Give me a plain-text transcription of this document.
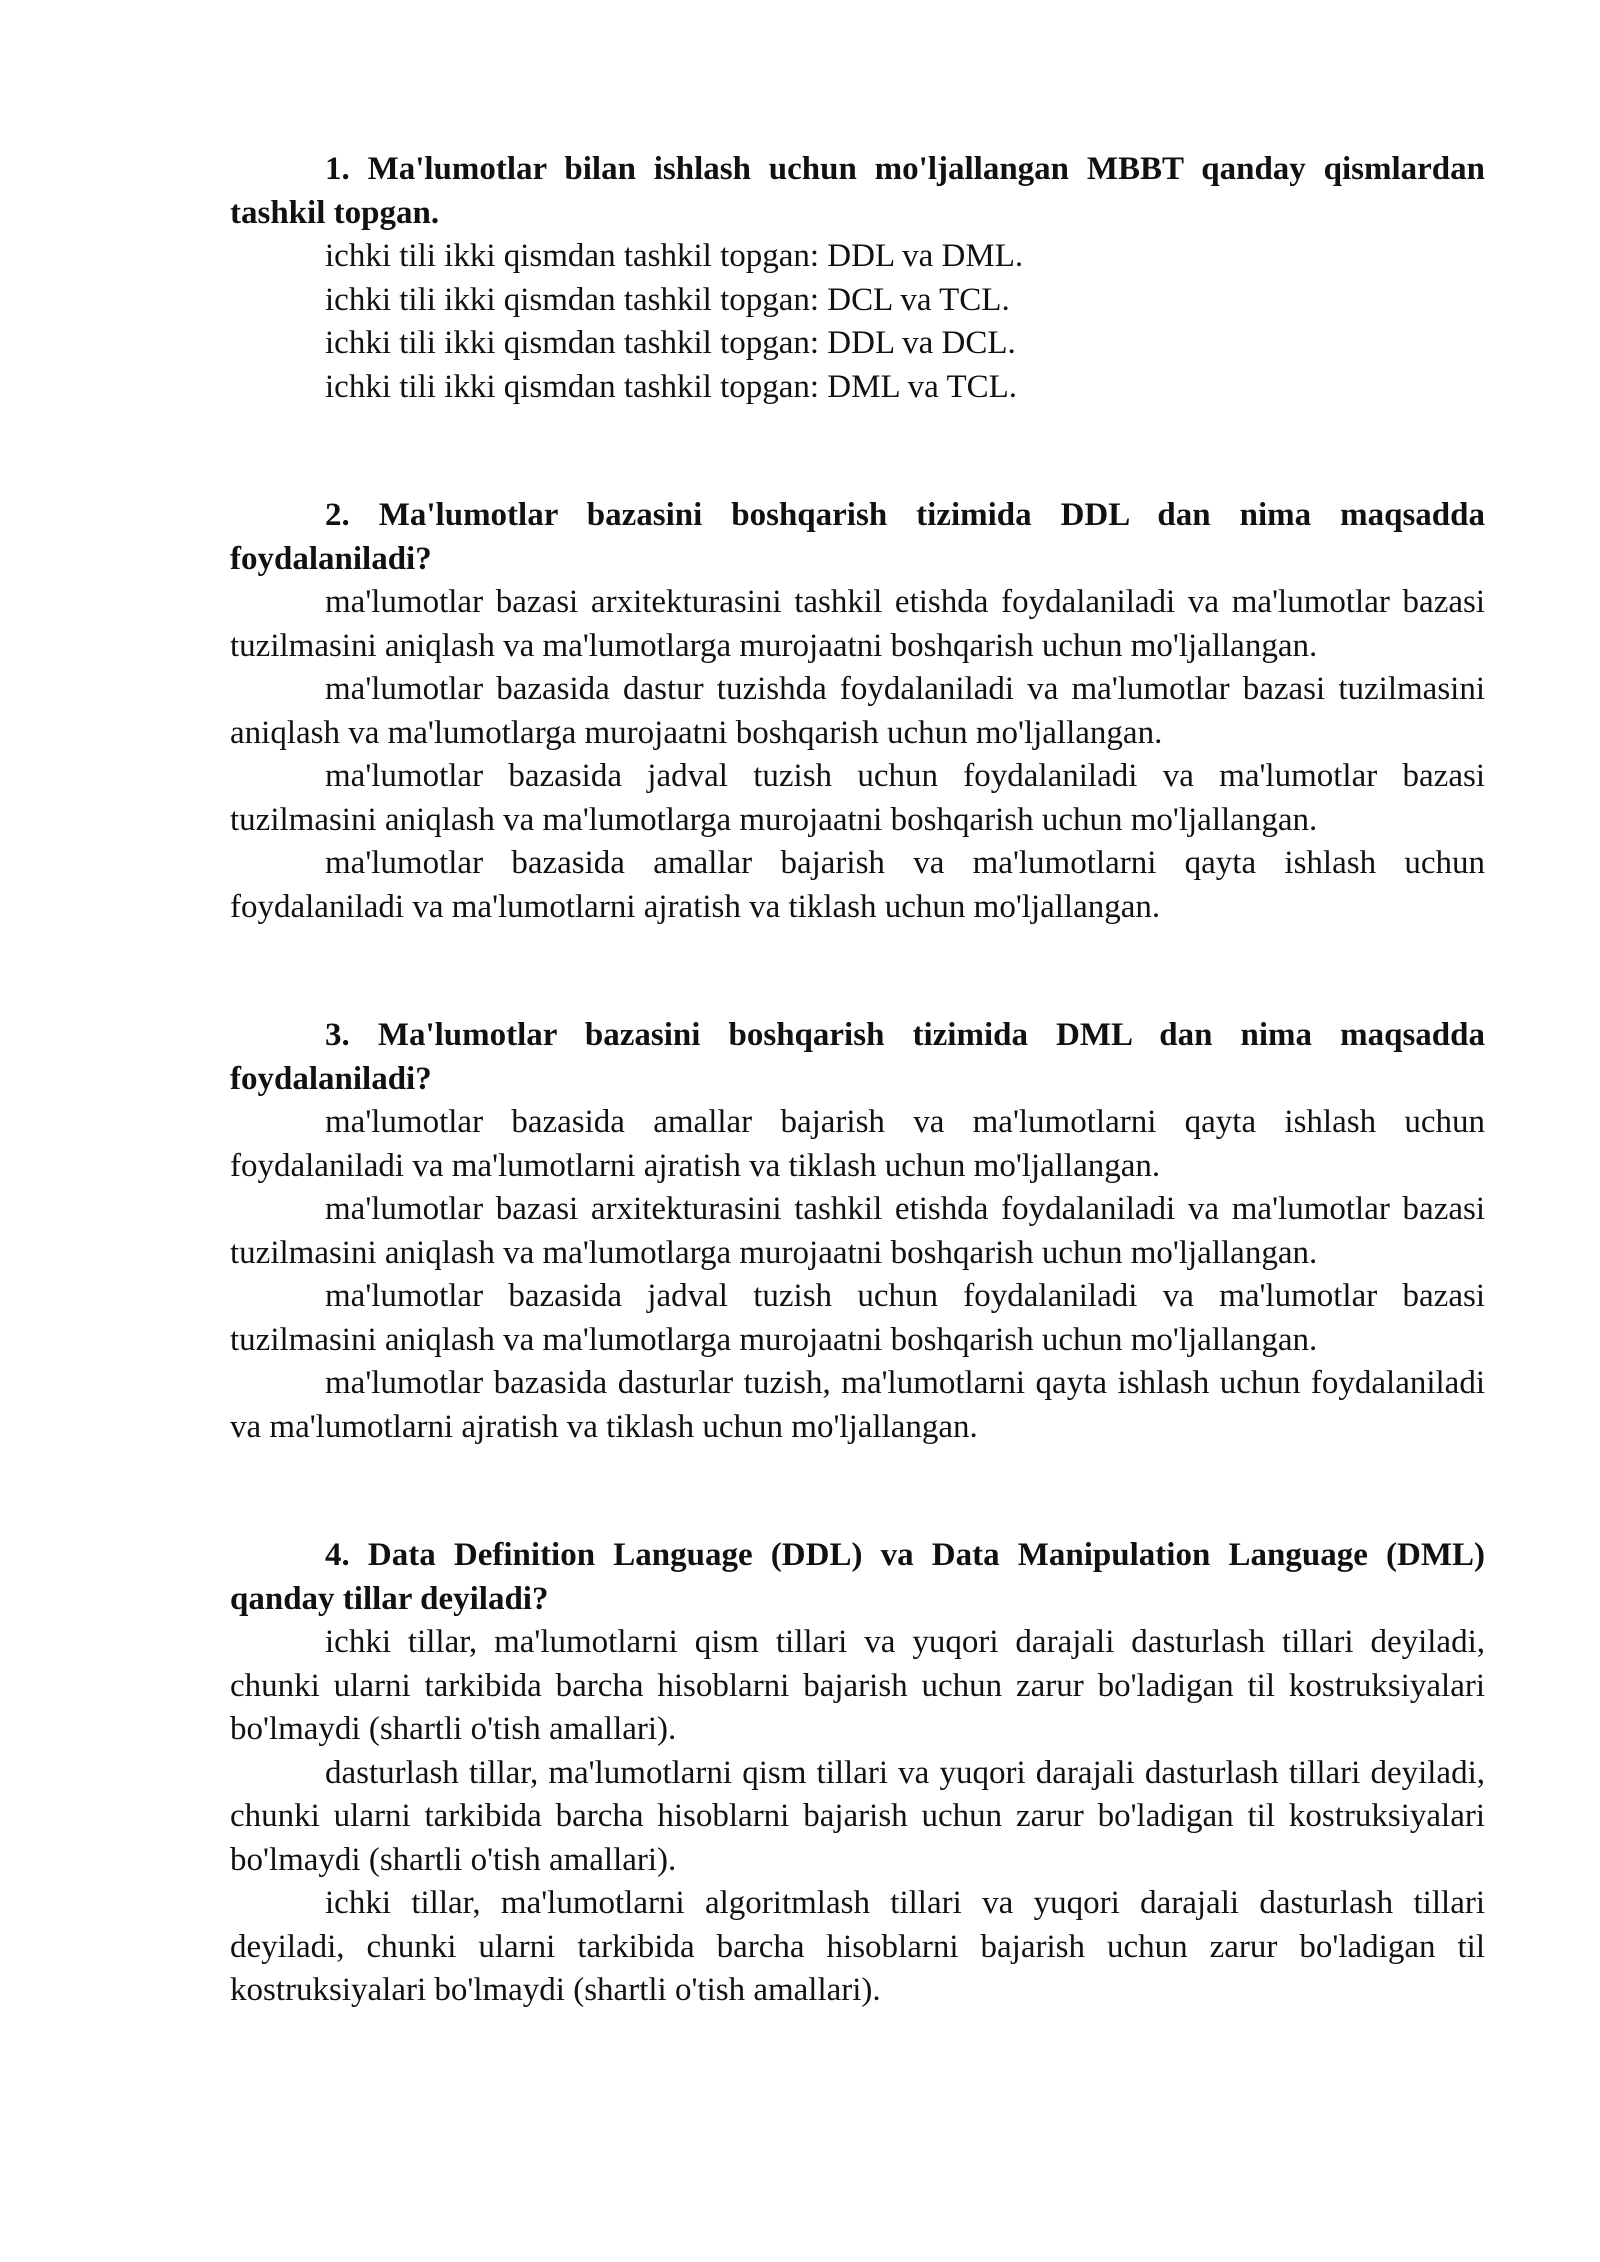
1. Ma'lumotlar bilan ishlash uchun mo'ljallangan MBBT qanday qismlardan tashkil topgan.

ichki tili ikki qismdan tashkil topgan: DDL va DML.

ichki tili ikki qismdan tashkil topgan: DCL va TCL.

ichki tili ikki qismdan tashkil topgan: DDL va DCL.

ichki tili ikki qismdan tashkil topgan: DML va TCL.

2. Ma'lumotlar bazasini boshqarish tizimida DDL dan nima maqsadda foydalaniladi?

ma'lumotlar bazasi arxitekturasini tashkil etishda foydalaniladi va ma'lumotlar bazasi tuzilmasini aniqlash va ma'lumotlarga murojaatni boshqarish uchun mo'ljallangan.

ma'lumotlar bazasida dastur tuzishda foydalaniladi va ma'lumotlar bazasi tuzilmasini aniqlash va ma'lumotlarga murojaatni boshqarish uchun mo'ljallangan.

ma'lumotlar bazasida jadval tuzish uchun foydalaniladi va ma'lumotlar bazasi tuzilmasini aniqlash va ma'lumotlarga murojaatni boshqarish uchun mo'ljallangan.

ma'lumotlar bazasida amallar bajarish va ma'lumotlarni qayta ishlash uchun foydalaniladi va ma'lumotlarni ajratish va tiklash uchun mo'ljallangan.

3. Ma'lumotlar bazasini boshqarish tizimida DML dan nima maqsadda foydalaniladi?

ma'lumotlar bazasida amallar bajarish va ma'lumotlarni qayta ishlash uchun foydalaniladi va ma'lumotlarni ajratish va tiklash uchun mo'ljallangan.

ma'lumotlar bazasi arxitekturasini tashkil etishda foydalaniladi va ma'lumotlar bazasi tuzilmasini aniqlash va ma'lumotlarga murojaatni boshqarish uchun mo'ljallangan.

ma'lumotlar bazasida jadval tuzish uchun foydalaniladi va ma'lumotlar bazasi tuzilmasini aniqlash va ma'lumotlarga murojaatni boshqarish uchun mo'ljallangan.

ma'lumotlar bazasida dasturlar tuzish, ma'lumotlarni qayta ishlash uchun foydalaniladi va ma'lumotlarni ajratish va tiklash uchun mo'ljallangan.

4. Data Definition Language (DDL) va Data Manipulation Language (DML) qanday tillar deyiladi?

ichki tillar, ma'lumotlarni qism tillari va yuqori darajali dasturlash tillari deyiladi, chunki ularni tarkibida barcha hisoblarni bajarish uchun zarur bo'ladigan til kostruksiyalari bo'lmaydi (shartli o'tish amallari).

dasturlash tillar, ma'lumotlarni qism tillari va yuqori darajali dasturlash tillari deyiladi, chunki ularni tarkibida barcha hisoblarni bajarish uchun zarur bo'ladigan til kostruksiyalari bo'lmaydi (shartli o'tish amallari).

ichki tillar, ma'lumotlarni algoritmlash tillari va yuqori darajali dasturlash tillari deyiladi, chunki ularni tarkibida barcha hisoblarni bajarish uchun zarur bo'ladigan til kostruksiyalari bo'lmaydi (shartli o'tish amallari).
